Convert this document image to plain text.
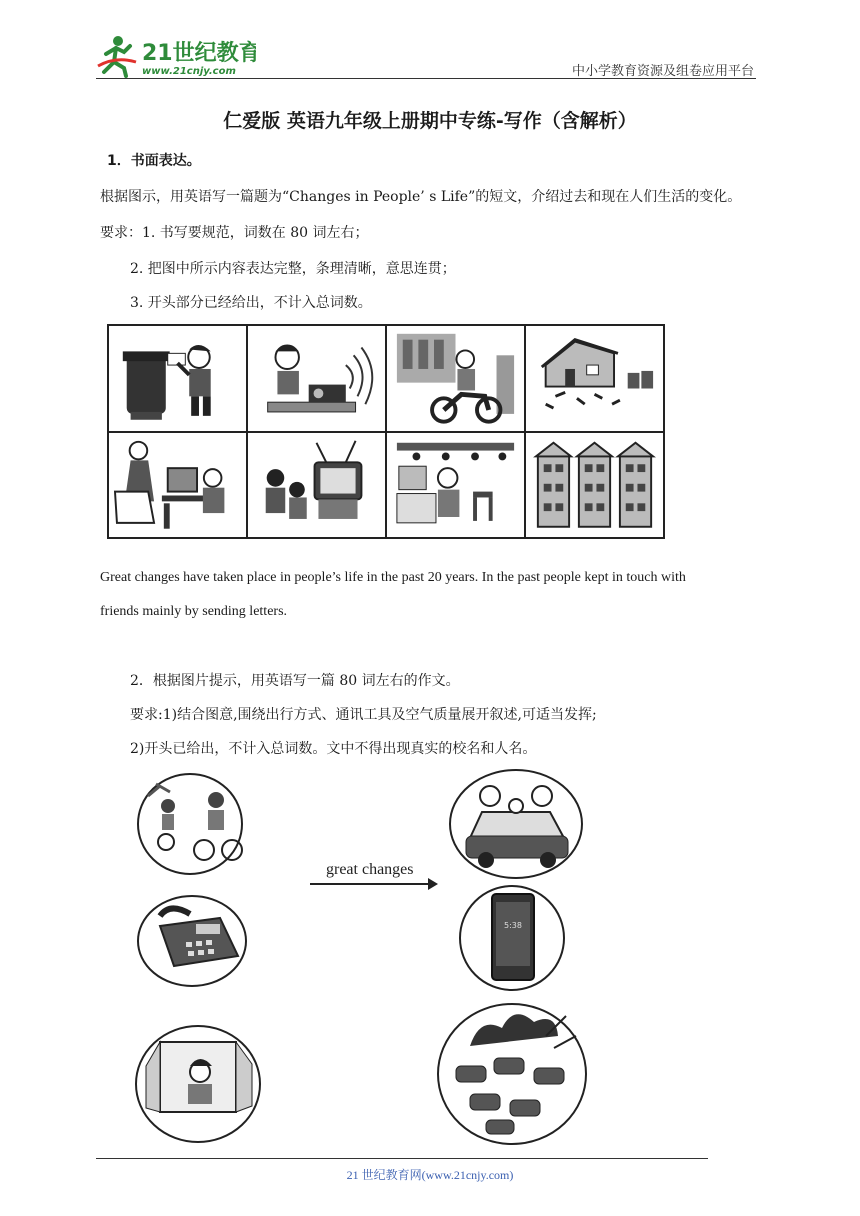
21世纪教育
www.21cnjy.com	中小学教育资源及组卷应用平台
仁爱版 英语九年级上册期中专练-写作（含解析）
1．书面表达。
根据图示，用英语写一篇题为“Changes in People’ s Life”的短文，介绍过去和现在人们生活的变化。
要求：1. 书写要规范，词数在 80 词左右；
2. 把图中所示内容表达完整，条理清晰，意思连贯；
3. 开头部分已经给出，不计入总词数。
Great changes have taken place in people’s life in the past 20 years. In the past people kept in touch with
friends mainly by sending letters.
2．根据图片提示，用英语写一篇 80 词左右的作文。
要求:1)结合图意,围绕出行方式、通讯工具及空气质量展开叙述,可适当发挥;
2)开头已给出，不计入总词数。文中不得出现真实的校名和人名。
great changes
5:38
21 世纪教育网(www.21cnjy.com)
